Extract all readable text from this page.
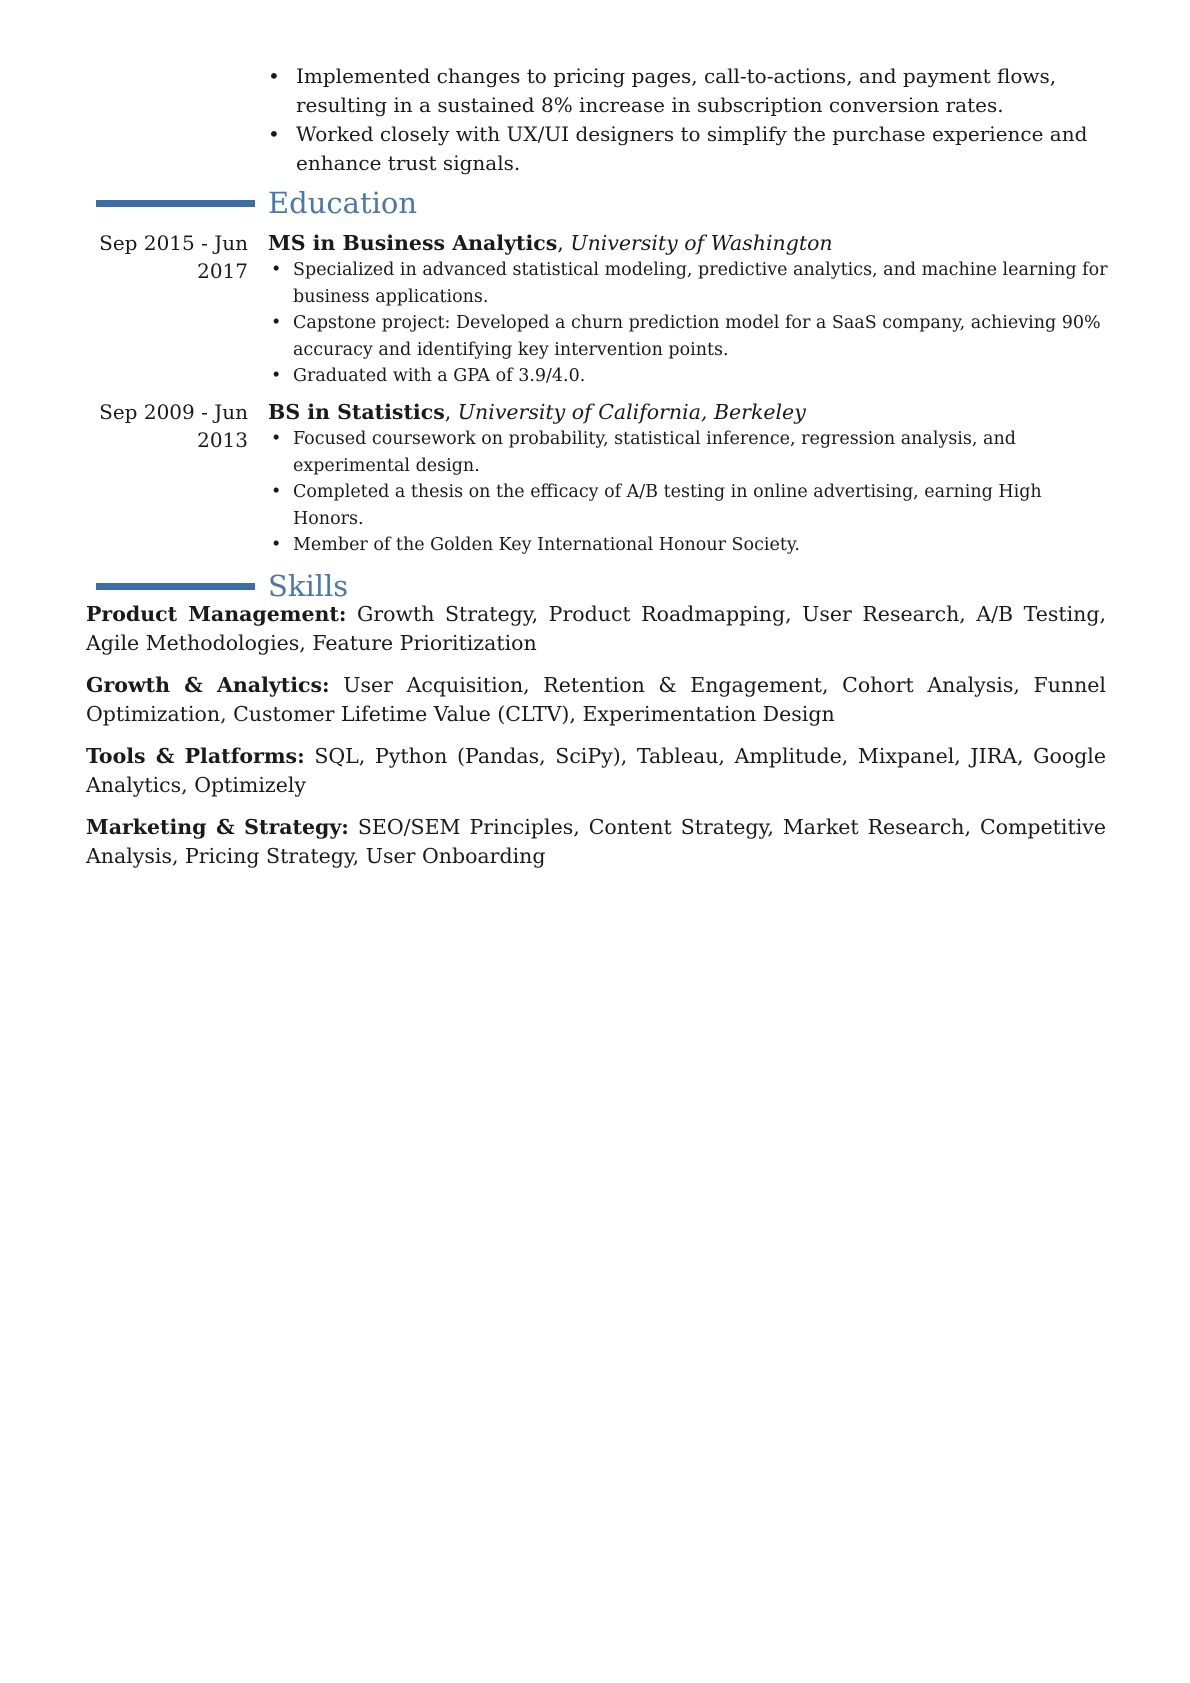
• Implemented changes to pricing pages, call-to-actions, and payment flows, resulting in a sustained 8% increase in subscription conversion rates.
• Worked closely with UX/UI designers to simplify the purchase experience and enhance trust signals.
Education
Sep 2015 - Jun 2017
MS in Business Analytics, University of Washington
• Specialized in advanced statistical modeling, predictive analytics, and machine learning for business applications.
• Capstone project: Developed a churn prediction model for a SaaS company, achieving 90% accuracy and identifying key intervention points.
• Graduated with a GPA of 3.9/4.0.
Sep 2009 - Jun 2013
BS in Statistics, University of California, Berkeley
• Focused coursework on probability, statistical inference, regression analysis, and experimental design.
• Completed a thesis on the efficacy of A/B testing in online advertising, earning High Honors.
• Member of the Golden Key International Honour Society.
Skills
Product Management: Growth Strategy, Product Roadmapping, User Research, A/B Testing, Agile Methodologies, Feature Prioritization
Growth & Analytics: User Acquisition, Retention & Engagement, Cohort Analysis, Funnel Optimization, Customer Lifetime Value (CLTV), Experimentation Design
Tools & Platforms: SQL, Python (Pandas, SciPy), Tableau, Amplitude, Mixpanel, JIRA, Google Analytics, Optimizely
Marketing & Strategy: SEO/SEM Principles, Content Strategy, Market Research, Competitive Analysis, Pricing Strategy, User Onboarding
